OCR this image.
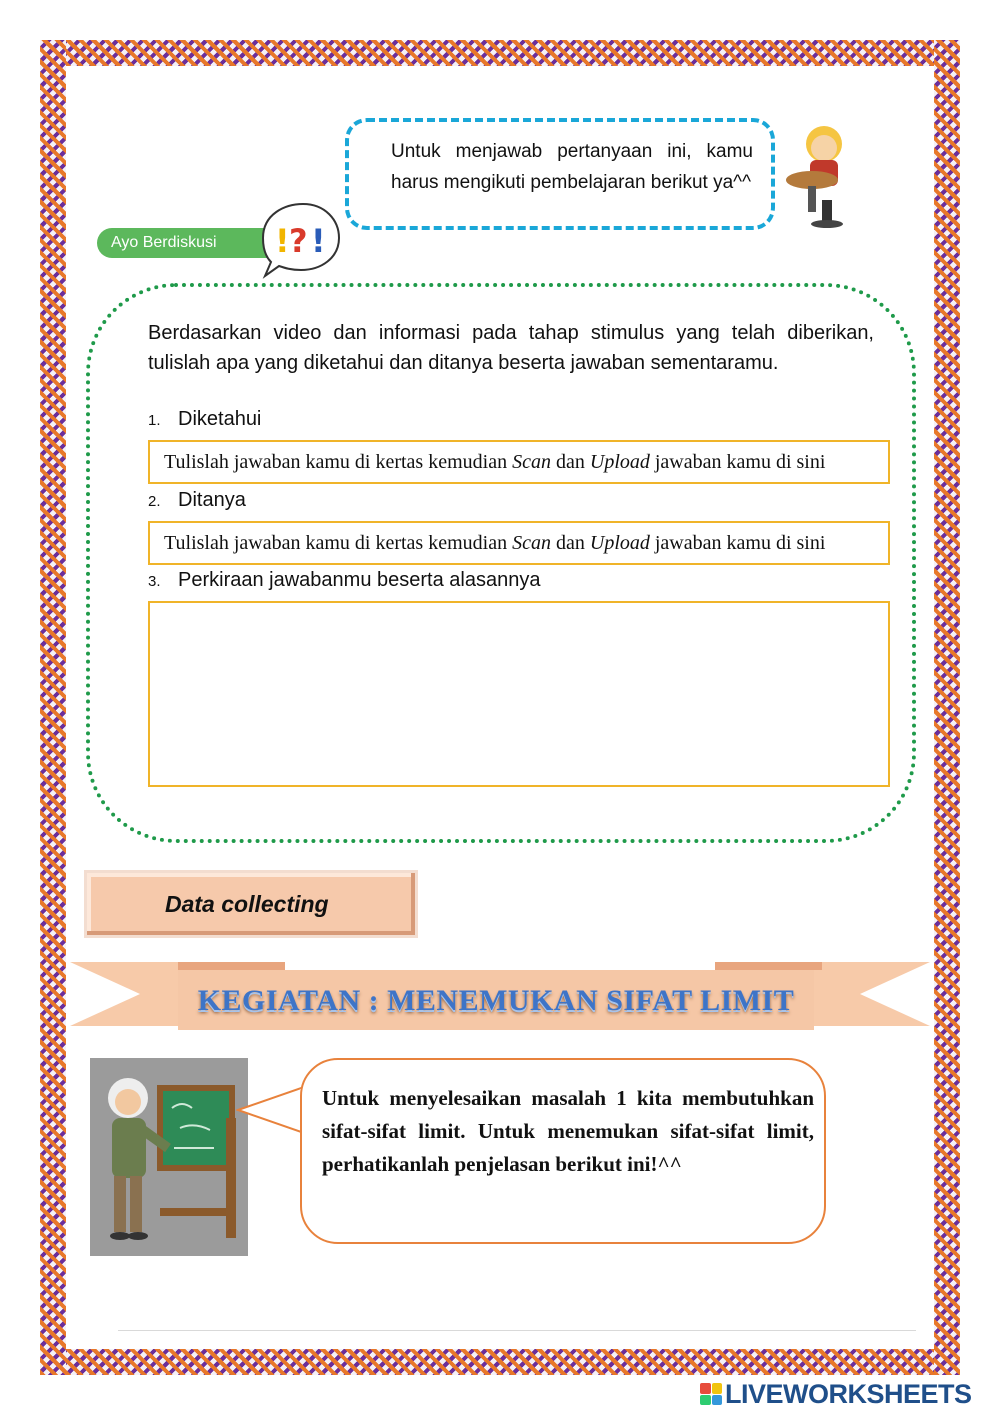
Untuk menjawab pertanyaan ini, kamu harus mengikuti pembelajaran berikut ya^^
Ayo Berdiskusi	! ? !
Berdasarkan video dan informasi pada tahap stimulus yang telah diberikan, tulislah apa yang diketahui dan ditanya beserta jawaban sementaramu.
1. Diketahui
Tulislah jawaban kamu di kertas kemudian Scan dan Upload jawaban kamu di sini
2. Ditanya
Tulislah jawaban kamu di kertas kemudian Scan dan Upload jawaban kamu di sini
3. Perkiraan jawabanmu beserta alasannya
Data collecting
KEGIATAN : MENEMUKAN SIFAT LIMIT
Untuk menyelesaikan masalah 1 kita membutuhkan sifat-sifat limit. Untuk menemukan sifat-sifat limit, perhatikanlah penjelasan berikut ini!^^
LIVEWORKSHEETS
